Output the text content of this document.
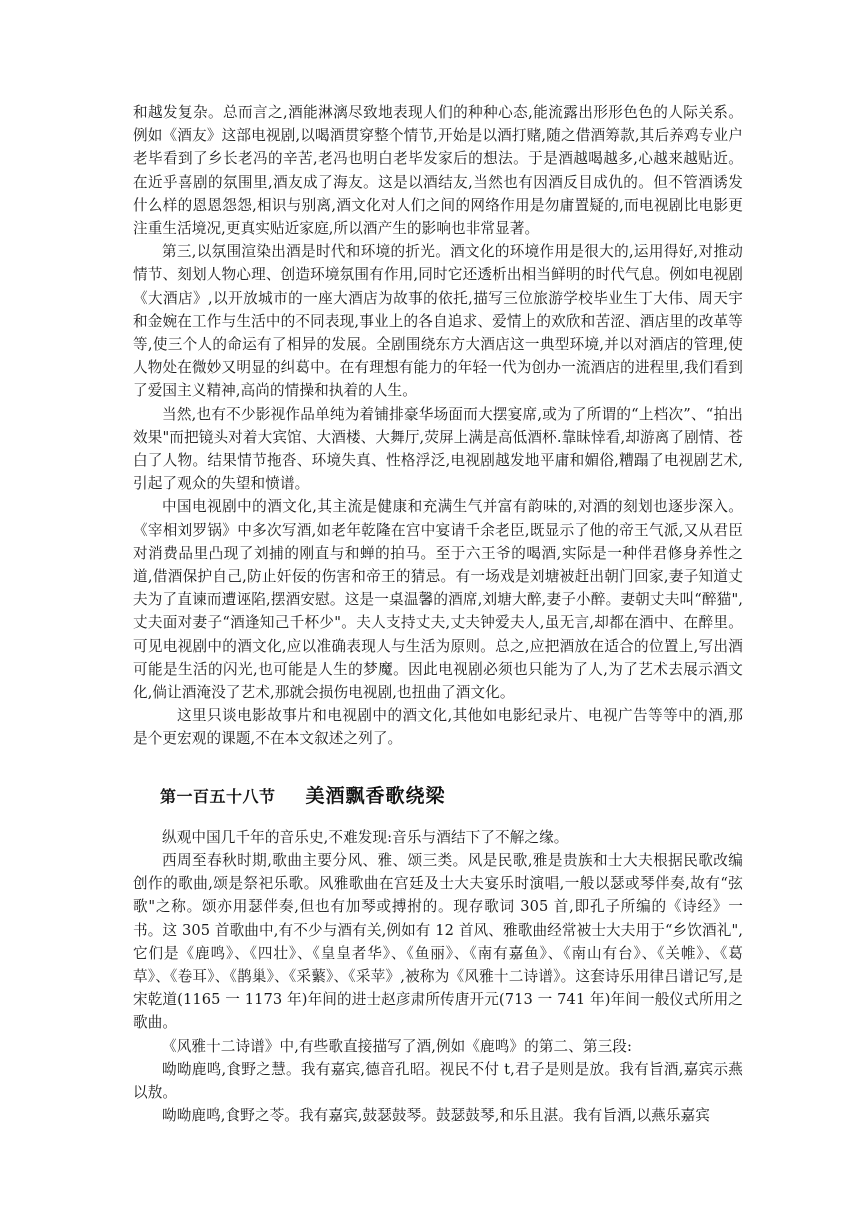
和越发复杂。总而言之,酒能淋漓尽致地表现人们的种种心态,能流露出形形色色的人际关系。例如《酒友》这部电视剧,以喝酒贯穿整个情节,开始是以酒打赌,随之借酒筹款,其后养鸡专业户老毕看到了乡长老冯的辛苦,老冯也明白老毕发家后的想法。于是酒越喝越多,心越来越贴近。在近乎喜剧的氛围里,酒友成了海友。这是以酒结友,当然也有因酒反目成仇的。但不管酒诱发什么样的恩恩怨怨,相识与别离,酒文化对人们之间的网络作用是勿庸置疑的,而电视剧比电影更注重生活境况,更真实贴近家庭,所以酒产生的影响也非常显著。

第三,以氛围渲染出酒是时代和环境的折光。酒文化的环境作用是很大的,运用得好,对推动情节、刻划人物心理、创造环境氛围有作用,同时它还透析出相当鲜明的时代气息。例如电视剧《大酒店》,以开放城市的一座大酒店为故事的依托,描写三位旅游学校毕业生丁大伟、周天宇和金婉在工作与生活中的不同表现,事业上的各自追求、爱情上的欢欣和苦涩、酒店里的改革等等,使三个人的命运有了相异的发展。全剧围绕东方大酒店这一典型环境,并以对酒店的管理,使人物处在微妙又明显的纠葛中。在有理想有能力的年轻一代为创办一流酒店的进程里,我们看到了爱国主义精神,高尚的情操和执着的人生。

当然,也有不少影视作品单纯为着铺排豪华场面而大摆宴席,或为了所谓的“上档次”、“拍出效果"而把镜头对着大宾馆、大酒楼、大舞厅,荧屏上满是高低酒杯.靠昧悻看,却游离了剧情、苍白了人物。结果情节拖沓、环境失真、性格浮泛,电视剧越发地平庸和媚俗,糟蹋了电视剧艺术,引起了观众的失望和愤谱。

中国电视剧中的酒文化,其主流是健康和充满生气并富有韵味的,对酒的刻划也逐步深入。《宰相刘罗锅》中多次写酒,如老年乾隆在宫中宴请千余老臣,既显示了他的帝王气派,又从君臣对消费品里凸现了刘捕的刚直与和蝉的拍马。至于六王爷的喝酒,实际是一种伴君修身养性之道,借酒保护自己,防止奸佞的伤害和帝王的猜忌。有一场戏是刘塘被赶出朝门回家,妻子知道丈夫为了直谏而遭诬陷,摆酒安慰。这是一桌温馨的酒席,刘塘大醉,妻子小醉。妻朝丈夫叫“醉猫",丈夫面对妻子“酒逢知己千杯少"。夫人支持丈夫,丈夫钟爱夫人,虽无言,却都在酒中、在醉里。可见电视剧中的酒文化,应以准确表现人与生活为原则。总之,应把酒放在适合的位置上,写出酒可能是生活的闪光,也可能是人生的梦魔。因此电视剧必须也只能为了人,为了艺术去展示酒文化,倘让酒淹没了艺术,那就会损伤电视剧,也扭曲了酒文化。

这里只谈电影故事片和电视剧中的酒文化,其他如电影纪录片、电视广告等等中的酒,那是个更宏观的课题,不在本文叙述之列了。

第一百五十八节 美酒飘香歌绕梁

纵观中国几千年的音乐史,不难发现:音乐与酒结下了不解之缘。

西周至春秋时期,歌曲主要分风、雅、颂三类。风是民歌,雅是贵族和士大夫根据民歌改编创作的歌曲,颂是祭祀乐歌。风雅歌曲在宫廷及士大夫宴乐时演唱,一般以瑟或琴伴奏,故有“弦歌"之称。颂亦用瑟伴奏,但也有加琴或搏拊的。现存歌词 305 首,即孔子所编的《诗经》一书。这 305 首歌曲中,有不少与酒有关,例如有 12 首风、雅歌曲经常被士大夫用于“乡饮酒礼",它们是《鹿鸣》、《四壮》、《皇皇者华》、《鱼丽》、《南有嘉鱼》、《南山有台》、《关帷》、《葛草》、《卷耳》、《鹊巢》、《采蘩》、《采苹》,被称为《风雅十二诗谱》。这套诗乐用律吕谱记写,是宋乾道(1165 一 1173 年)年间的进士赵彦肃所传唐开元(713 一 741 年)年间一般仪式所用之歌曲。

《风雅十二诗谱》中,有些歌直接描写了酒,例如《鹿鸣》的第二、第三段:

呦呦鹿鸣,食野之慧。我有嘉宾,德音孔昭。视民不付 t,君子是则是放。我有旨酒,嘉宾示燕以敖。

呦呦鹿鸣,食野之苓。我有嘉宾,鼓瑟鼓琴。鼓瑟鼓琴,和乐且湛。我有旨酒,以燕乐嘉宾
